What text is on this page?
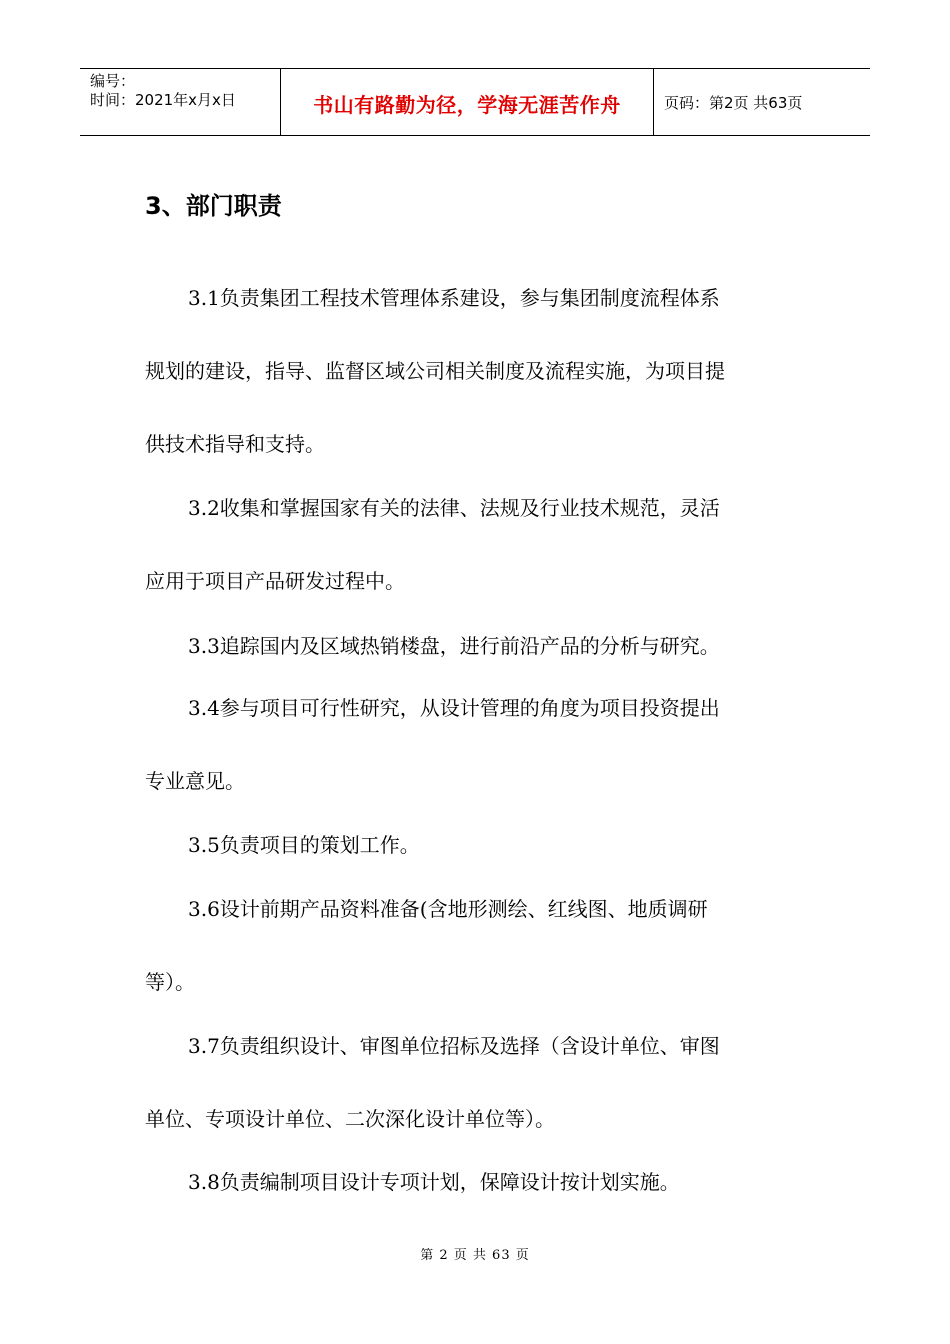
编号：
时间：2021年x月x日	书山有路勤为径，学海无涯苦作舟	页码：第2页 共63页
3、部门职责

3.1负责集团工程技术管理体系建设，参与集团制度流程体系

规划的建设，指导、监督区域公司相关制度及流程实施，为项目提

供技术指导和支持。

3.2收集和掌握国家有关的法律、法规及行业技术规范，灵活

应用于项目产品研发过程中。

3.3追踪国内及区域热销楼盘，进行前沿产品的分析与研究。

3.4参与项目可行性研究，从设计管理的角度为项目投资提出

专业意见。

3.5负责项目的策划工作。

3.6设计前期产品资料准备(含地形测绘、红线图、地质调研

等）。

3.7负责组织设计、审图单位招标及选择（含设计单位、审图

单位、专项设计单位、二次深化设计单位等）。

3.8负责编制项目设计专项计划，保障设计按计划实施。

第 2 页 共 63 页
